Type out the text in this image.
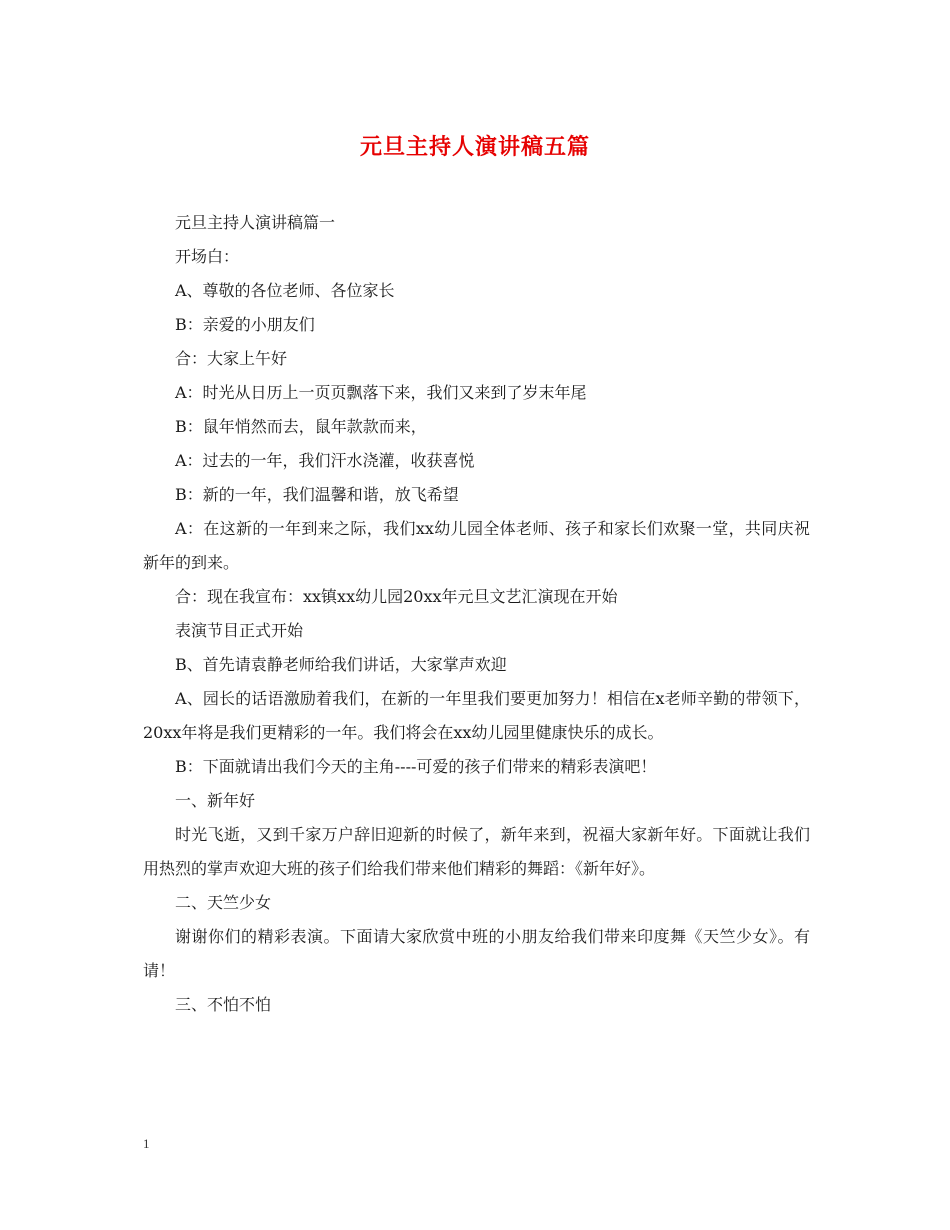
元旦主持人演讲稿五篇

元旦主持人演讲稿篇一

开场白：

A、尊敬的各位老师、各位家长

B：亲爱的小朋友们

合：大家上午好

A：时光从日历上一页页飘落下来，我们又来到了岁末年尾

B：鼠年悄然而去，鼠年款款而来，

A：过去的一年，我们汗水浇灌，收获喜悦

B：新的一年，我们温馨和谐，放飞希望

A：在这新的一年到来之际，我们xx幼儿园全体老师、孩子和家长们欢聚一堂，共同庆祝新年的到来。

合：现在我宣布：xx镇xx幼儿园20xx年元旦文艺汇演现在开始

表演节目正式开始

B、首先请袁静老师给我们讲话，大家掌声欢迎

A、园长的话语激励着我们，在新的一年里我们要更加努力！相信在x老师辛勤的带领下，20xx年将是我们更精彩的一年。我们将会在xx幼儿园里健康快乐的成长。

B：下面就请出我们今天的主角----可爱的孩子们带来的精彩表演吧！

一、新年好

时光飞逝，又到千家万户辞旧迎新的时候了，新年来到，祝福大家新年好。下面就让我们用热烈的掌声欢迎大班的孩子们给我们带来他们精彩的舞蹈：《新年好》。

二、天竺少女

谢谢你们的精彩表演。下面请大家欣赏中班的小朋友给我们带来印度舞《天竺少女》。有请！

三、不怕不怕

1
